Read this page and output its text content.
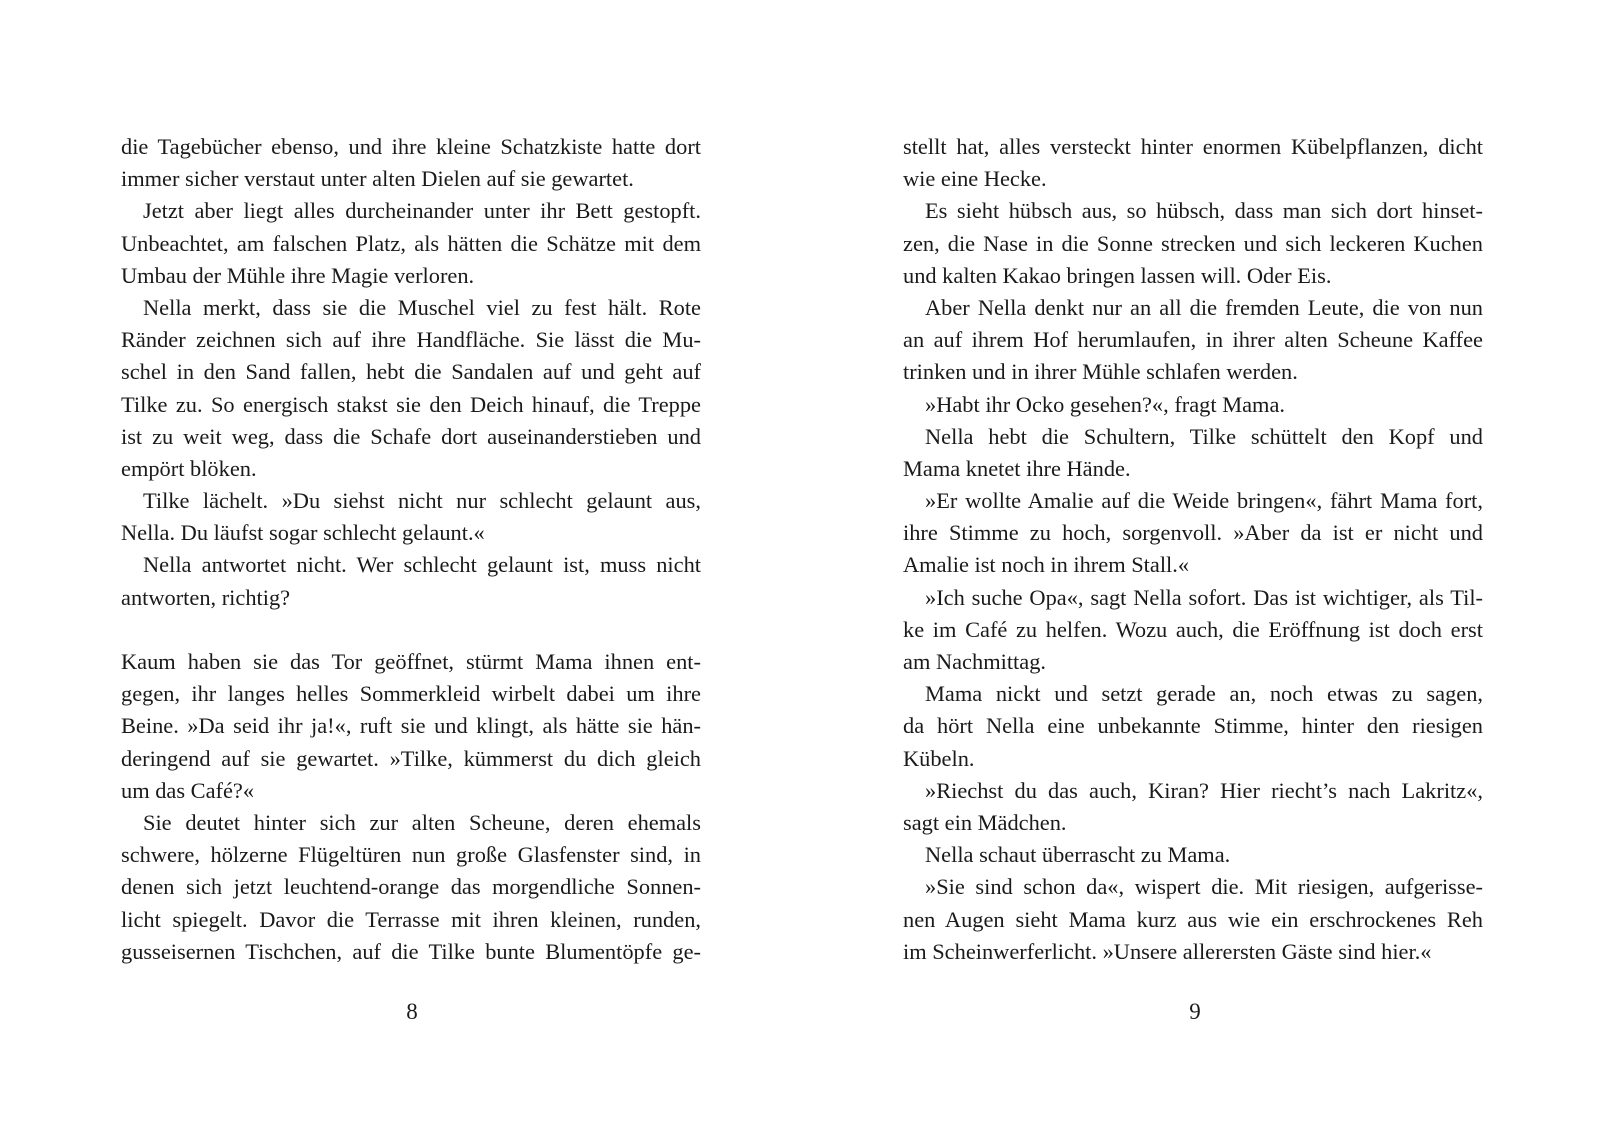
die Tagebücher ebenso, und ihre kleine Schatzkiste hatte dort
immer sicher verstaut unter alten Dielen auf sie gewartet.
Jetzt aber liegt alles durcheinander unter ihr Bett gestopft.
Unbeachtet, am falschen Platz, als hätten die Schätze mit dem
Umbau der Mühle ihre Magie verloren.
Nella merkt, dass sie die Muschel viel zu fest hält. Rote
Ränder zeichnen sich auf ihre Handfläche. Sie lässt die Mu-
schel in den Sand fallen, hebt die Sandalen auf und geht auf
Tilke zu. So energisch stakst sie den Deich hinauf, die Treppe
ist zu weit weg, dass die Schafe dort auseinanderstieben und
empört blöken.
Tilke lächelt. »Du siehst nicht nur schlecht gelaunt aus,
Nella. Du läufst sogar schlecht gelaunt.«
Nella antwortet nicht. Wer schlecht gelaunt ist, muss nicht
antworten, richtig?
Kaum haben sie das Tor geöffnet, stürmt Mama ihnen ent-
gegen, ihr langes helles Sommerkleid wirbelt dabei um ihre
Beine. »Da seid ihr ja!«, ruft sie und klingt, als hätte sie hän-
deringend auf sie gewartet. »Tilke, kümmerst du dich gleich
um das Café?«
Sie deutet hinter sich zur alten Scheune, deren ehemals
schwere, hölzerne Flügeltüren nun große Glasfenster sind, in
denen sich jetzt leuchtend-orange das morgendliche Sonnen-
licht spiegelt. Davor die Terrasse mit ihren kleinen, runden,
gusseisernen Tischchen, auf die Tilke bunte Blumentöpfe ge-
8
stellt hat, alles versteckt hinter enormen Kübelpflanzen, dicht
wie eine Hecke.
Es sieht hübsch aus, so hübsch, dass man sich dort hinset-
zen, die Nase in die Sonne strecken und sich leckeren Kuchen
und kalten Kakao bringen lassen will. Oder Eis.
Aber Nella denkt nur an all die fremden Leute, die von nun
an auf ihrem Hof herumlaufen, in ihrer alten Scheune Kaffee
trinken und in ihrer Mühle schlafen werden.
»Habt ihr Ocko gesehen?«, fragt Mama.
Nella hebt die Schultern, Tilke schüttelt den Kopf und
Mama knetet ihre Hände.
»Er wollte Amalie auf die Weide bringen«, fährt Mama fort,
ihre Stimme zu hoch, sorgenvoll. »Aber da ist er nicht und
Amalie ist noch in ihrem Stall.«
»Ich suche Opa«, sagt Nella sofort. Das ist wichtiger, als Til-
ke im Café zu helfen. Wozu auch, die Eröffnung ist doch erst
am Nachmittag.
Mama nickt und setzt gerade an, noch etwas zu sagen,
da hört Nella eine unbekannte Stimme, hinter den riesigen
Kübeln.
»Riechst du das auch, Kiran? Hier riecht’s nach Lakritz«,
sagt ein Mädchen.
Nella schaut überrascht zu Mama.
»Sie sind schon da«, wispert die. Mit riesigen, aufgerisse-
nen Augen sieht Mama kurz aus wie ein erschrockenes Reh
im Scheinwerferlicht. »Unsere allerersten Gäste sind hier.«
9
